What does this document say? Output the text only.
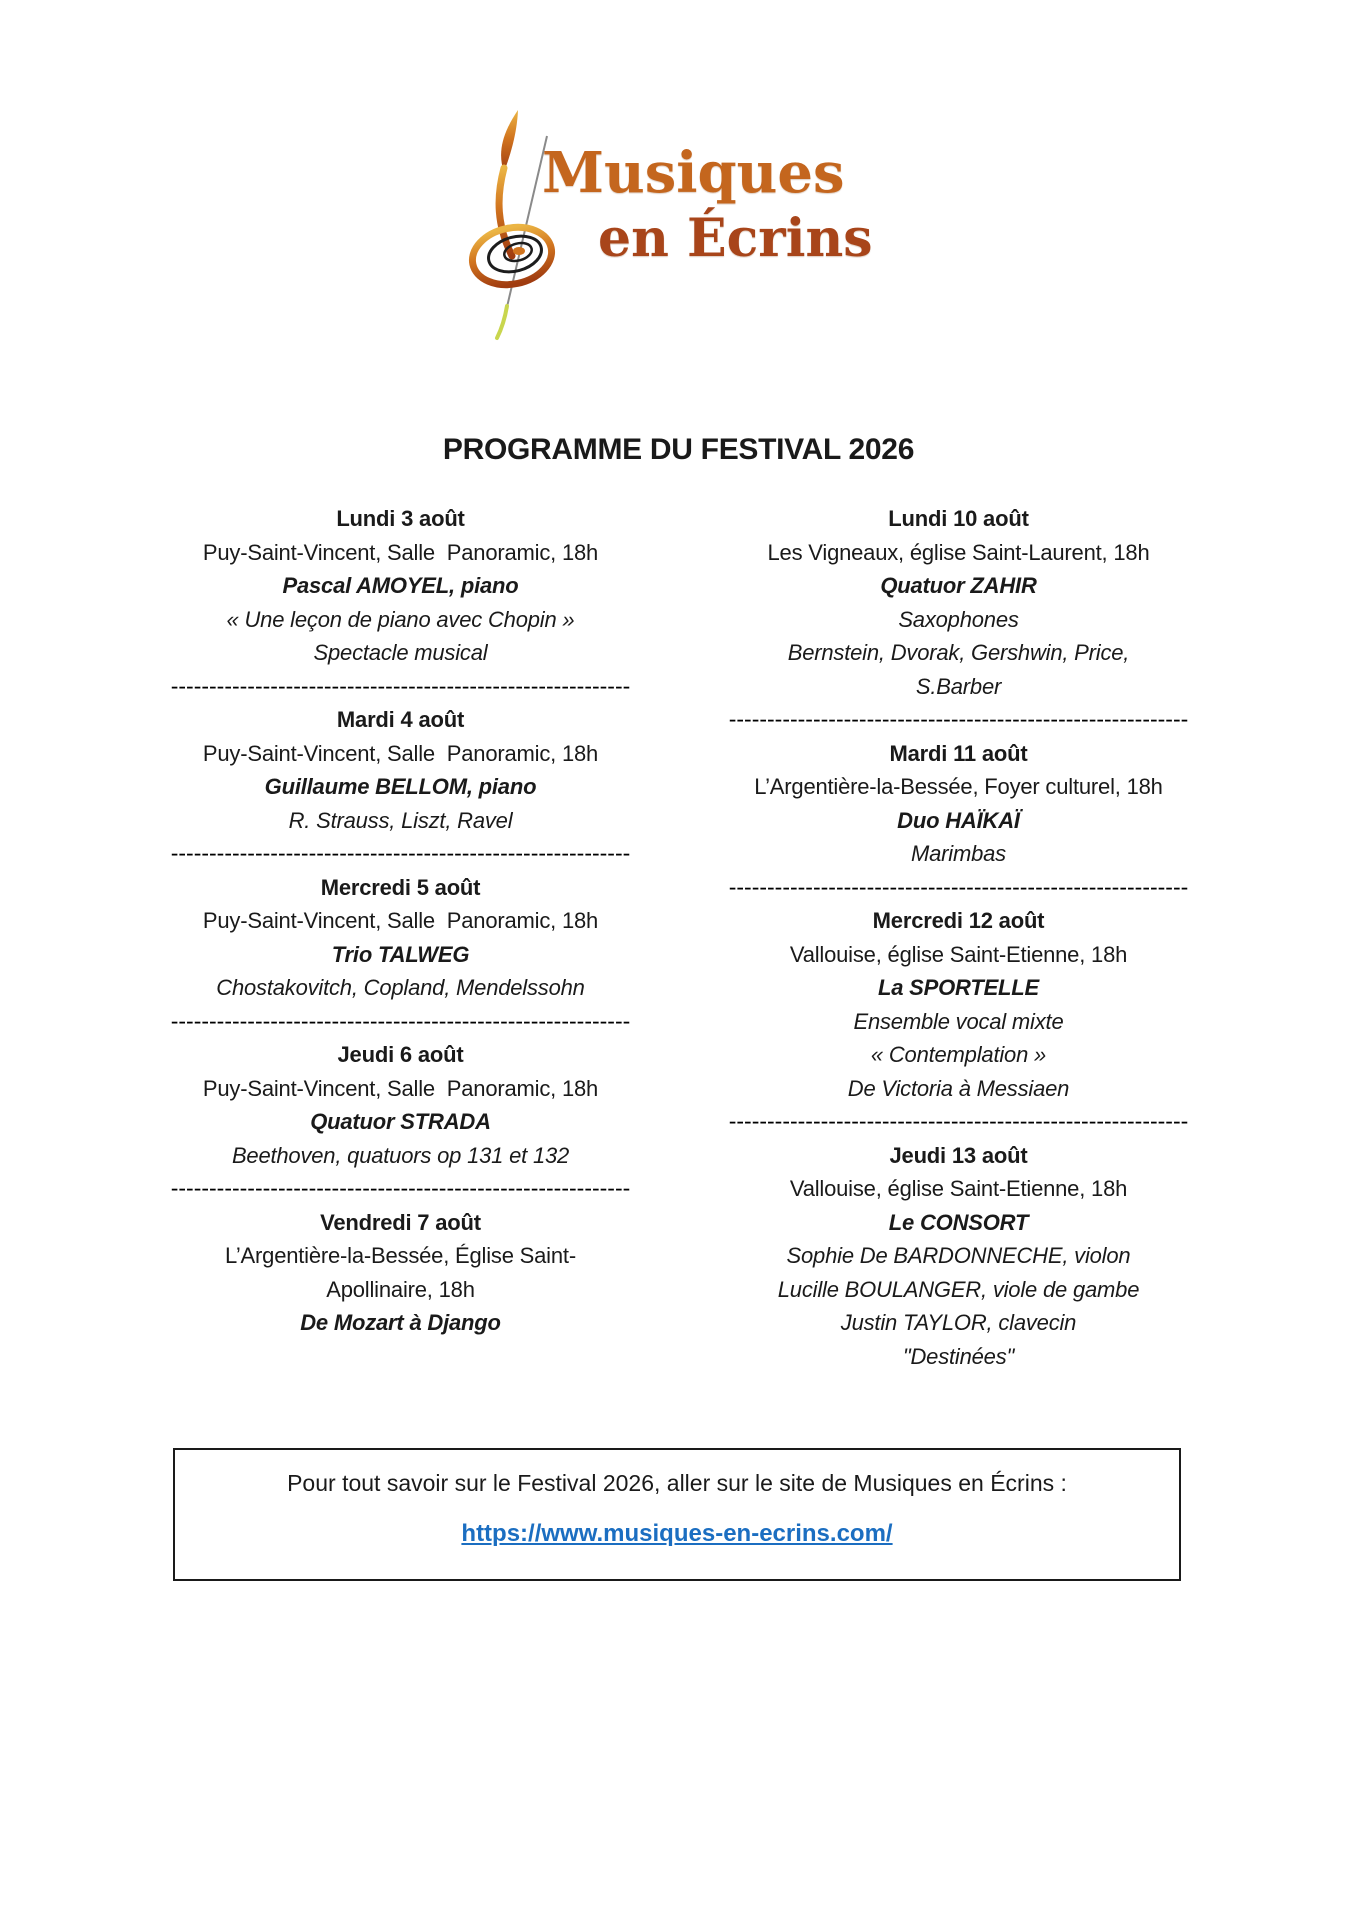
Musiques
en Écrins
PROGRAMME DU FESTIVAL 2026
Lundi 3 août
Puy-Saint-Vincent, Salle  Panoramic, 18h
Pascal AMOYEL, piano
« Une leçon de piano avec Chopin »
Spectacle musical
------------------------------------------------------------
Mardi 4 août
Puy-Saint-Vincent, Salle  Panoramic, 18h
Guillaume BELLOM, piano
R. Strauss, Liszt, Ravel
------------------------------------------------------------
Mercredi 5 août
Puy-Saint-Vincent, Salle  Panoramic, 18h
Trio TALWEG
Chostakovitch, Copland, Mendelssohn
------------------------------------------------------------
Jeudi 6 août
Puy-Saint-Vincent, Salle  Panoramic, 18h
Quatuor STRADA
Beethoven, quatuors op 131 et 132
------------------------------------------------------------
Vendredi 7 août
L’Argentière-la-Bessée, Église Saint-
Apollinaire, 18h
De Mozart à Django
Lundi 10 août
Les Vigneaux, église Saint-Laurent, 18h
Quatuor ZAHIR
Saxophones
Bernstein, Dvorak, Gershwin, Price,
S.Barber
------------------------------------------------------------
Mardi 11 août
L’Argentière-la-Bessée, Foyer culturel, 18h
Duo HAÏKAÏ
Marimbas
------------------------------------------------------------
Mercredi 12 août
Vallouise, église Saint-Etienne, 18h
La SPORTELLE
Ensemble vocal mixte
« Contemplation »
De Victoria à Messiaen
------------------------------------------------------------
Jeudi 13 août
Vallouise, église Saint-Etienne, 18h
Le CONSORT
Sophie De BARDONNECHE, violon
Lucille BOULANGER, viole de gambe
Justin TAYLOR, clavecin
"Destinées"
Pour tout savoir sur le Festival 2026, aller sur le site de Musiques en Écrins :
https://www.musiques-en-ecrins.com/
